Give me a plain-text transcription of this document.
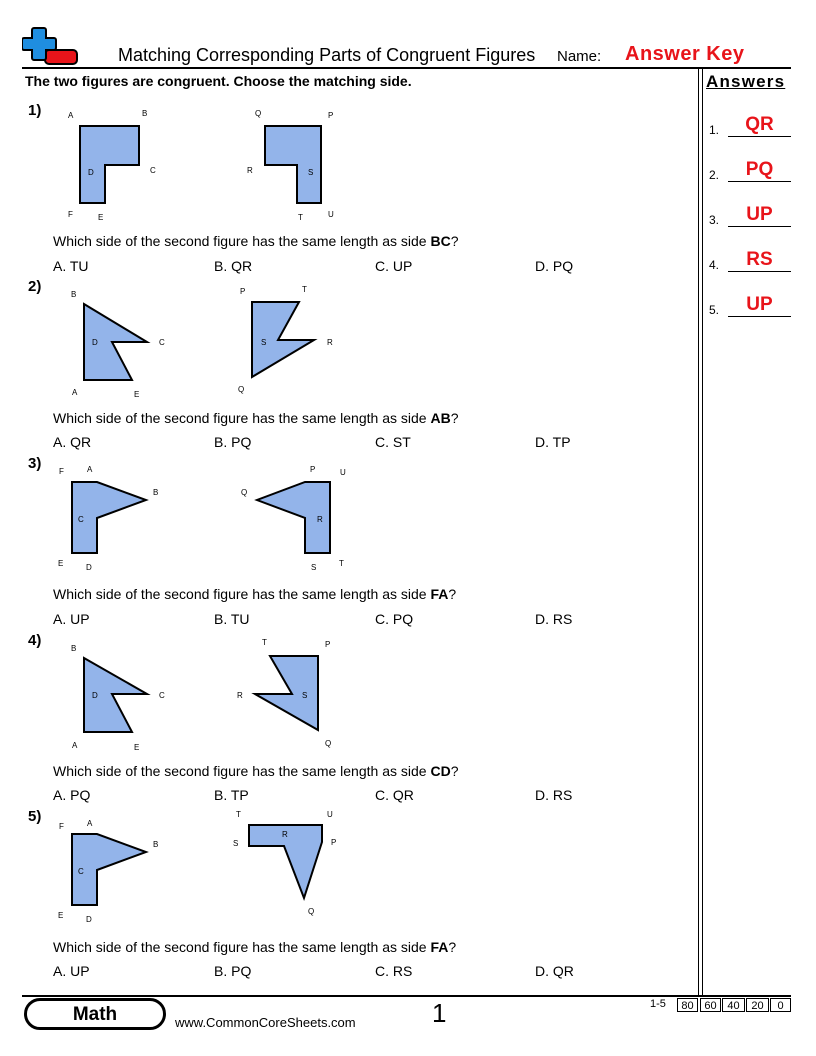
Matching Corresponding Parts of Congruent Figures Name: Answer Key
The two figures are congruent. Choose the matching side.	Answers
1.	QR
2.	PQ
3.	UP
4.	RS
5.	UP
1)	A	B
C
D
E
F
Q	P
R	S
T	U
Which side of the second figure has the same length as side BC?
A. TU	B. QR	C. UP	D. PQ
2)	B
C
D
A	E
P	T
S	R
Q
Which side of the second figure has the same length as side AB?
A. QR	B. PQ	C. ST	D. TP
3) F	A
B
C
E	D
P	U
Q
R
S	T
Which side of the second figure has the same length as side FA?
A. UP	B. TU	C. PQ	D. RS
4)	B
C
D
A	E
T	P
R	S
Q
Which side of the second figure has the same length as side CD?
A. PQ	B. TP	C. QR	D. RS
5)
F	A
B
C
E	D
T	U
R
S	P
Q
Which side of the second figure has the same length as side FA?
A. UP	B. PQ	C. RS	D. QR
Math	www.CommonCoreSheets.com	1	1-5	80 60 40	20	0
